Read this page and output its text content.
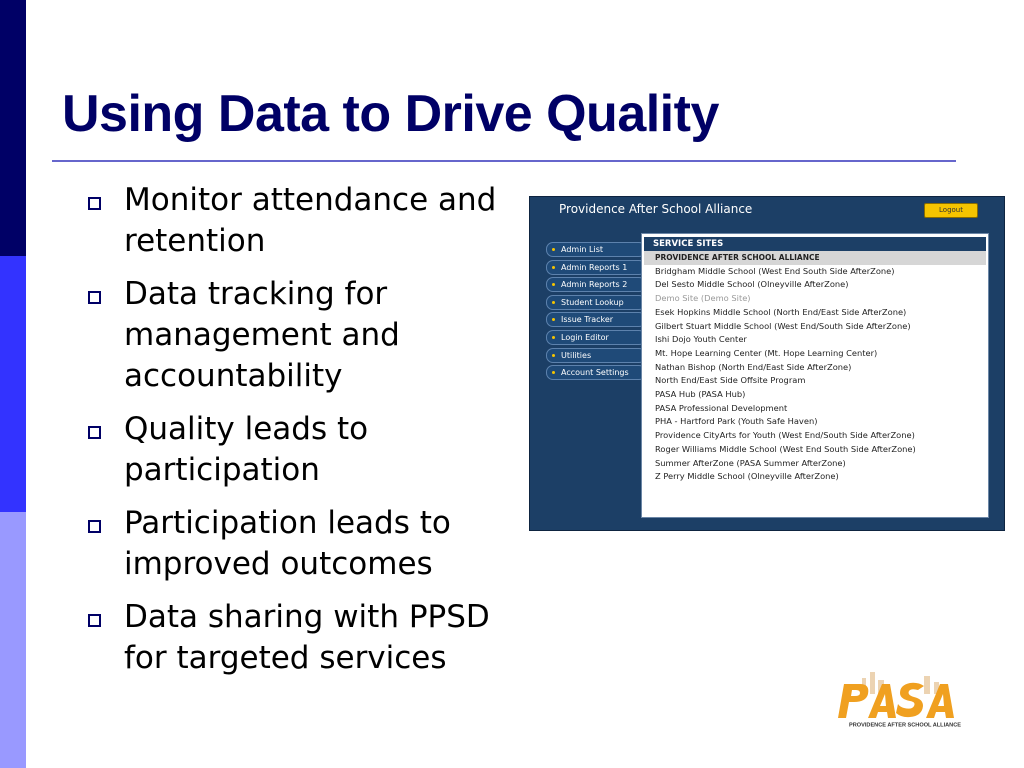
Using Data to Drive Quality
Monitor attendance and retention
Data tracking for management and accountability
Quality leads to participation
Participation leads to improved outcomes
Data sharing with PPSD for targeted services
Providence After School Alliance	Logout
Admin List
Admin Reports 1
Admin Reports 2
Student Lookup
Issue Tracker
Login Editor
Utilities
Account Settings
SERVICE SITES
PROVIDENCE AFTER SCHOOL ALLIANCE
Bridgham Middle School (West End South Side AfterZone)
Del Sesto Middle School (Olneyville AfterZone)
Demo Site (Demo Site)
Esek Hopkins Middle School (North End/East Side AfterZone)
Gilbert Stuart Middle School (West End/South Side AfterZone)
Ishi Dojo Youth Center
Mt. Hope Learning Center (Mt. Hope Learning Center)
Nathan Bishop (North End/East Side AfterZone)
North End/East Side Offsite Program
PASA Hub (PASA Hub)
PASA Professional Development
PHA - Hartford Park (Youth Safe Haven)
Providence CityArts for Youth (West End/South Side AfterZone)
Roger Williams Middle School (West End South Side AfterZone)
Summer AfterZone (PASA Summer AfterZone)
Z Perry Middle School (Olneyville AfterZone)
PROVIDENCE AFTER SCHOOL ALLIANCE
